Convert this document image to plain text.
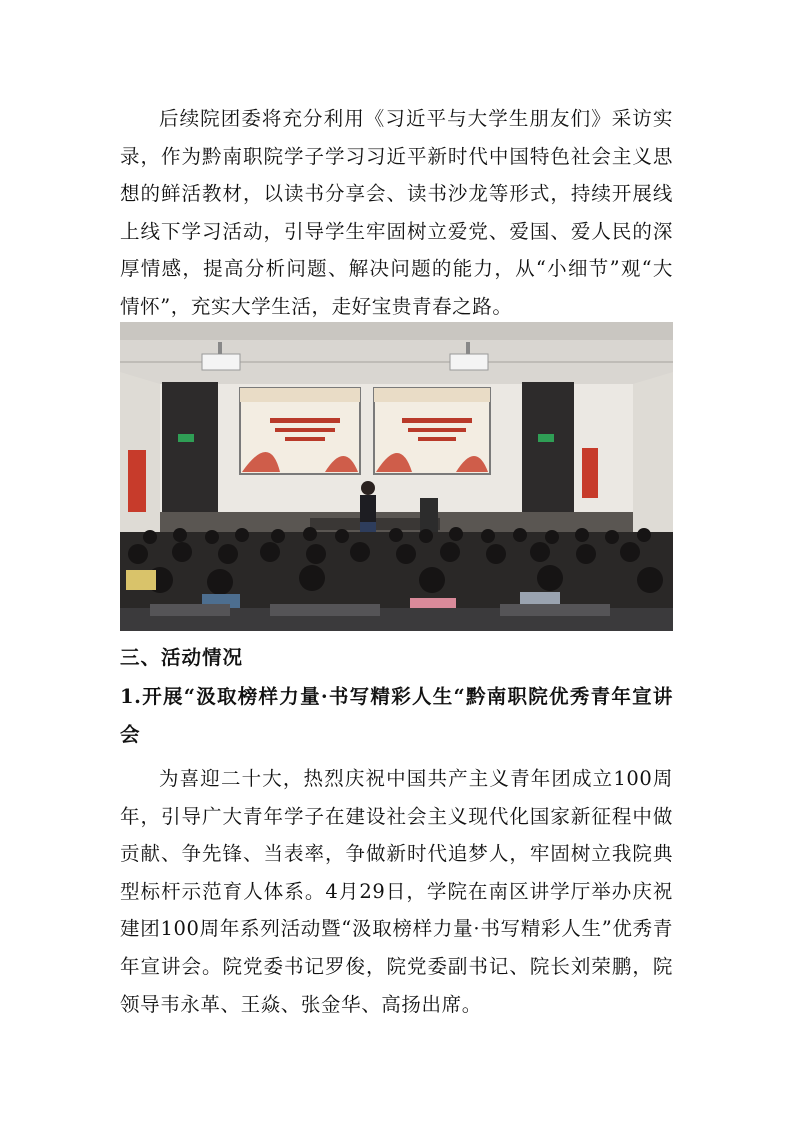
后续院团委将充分利用《习近平与大学生朋友们》采访实录，作为黔南职院学子学习习近平新时代中国特色社会主义思想的鲜活教材，以读书分享会、读书沙龙等形式，持续开展线上线下学习活动，引导学生牢固树立爱党、爱国、爱人民的深厚情感，提高分析问题、解决问题的能力，从“小细节”观“大情怀”，充实大学生活，走好宝贵青春之路。

三、活动情况

1.开展“汲取榜样力量·书写精彩人生“黔南职院优秀青年宣讲会

为喜迎二十大，热烈庆祝中国共产主义青年团成立100周年，引导广大青年学子在建设社会主义现代化国家新征程中做贡献、争先锋、当表率，争做新时代追梦人，牢固树立我院典型标杆示范育人体系。4月29日，学院在南区讲学厅举办庆祝建团100周年系列活动暨“汲取榜样力量·书写精彩人生”优秀青年宣讲会。院党委书记罗俊，院党委副书记、院长刘荣鹏，院领导韦永革、王焱、张金华、高扬出席。
